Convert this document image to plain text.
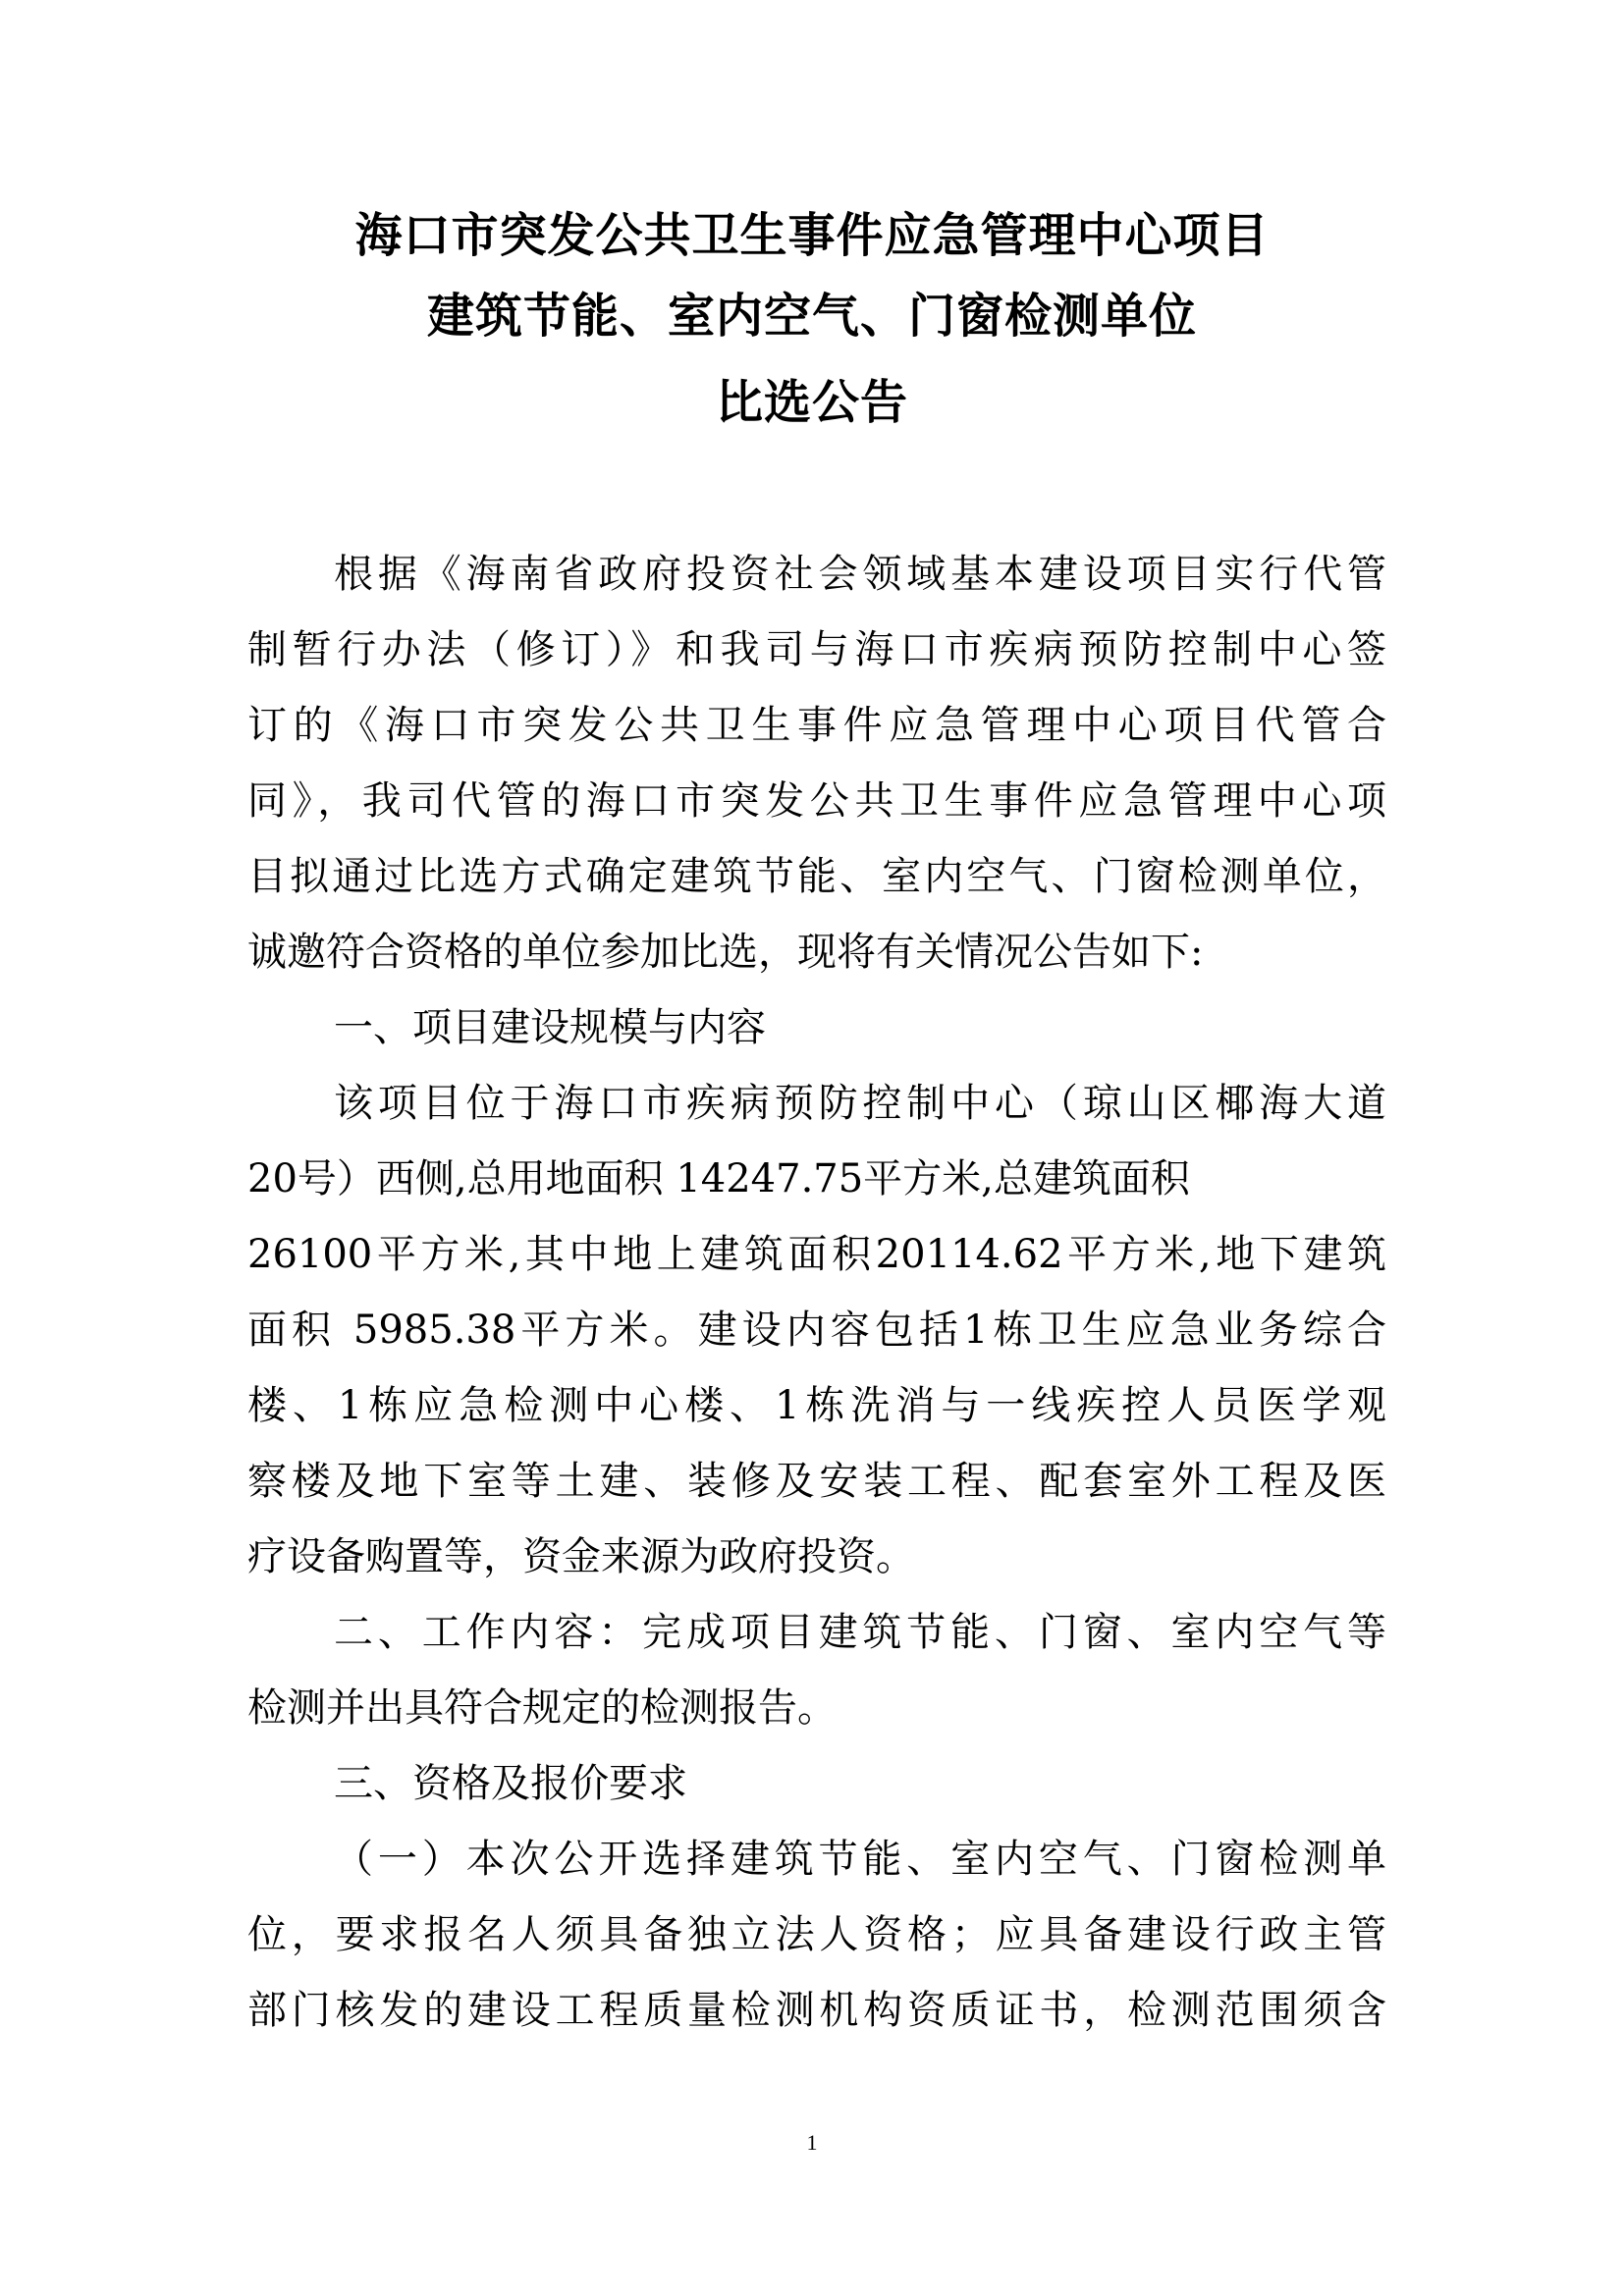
海口市突发公共卫生事件应急管理中心项目
建筑节能、室内空气、门窗检测单位
比选公告
根据《海南省政府投资社会领域基本建设项目实行代管
制暂行办法（修订）》和我司与海口市疾病预防控制中心签
订的《海口市突发公共卫生事件应急管理中心项目代管合
同》，我司代管的海口市突发公共卫生事件应急管理中心项
目拟通过比选方式确定建筑节能、室内空气、门窗检测单位，
诚邀符合资格的单位参加比选，现将有关情况公告如下:
一、项目建设规模与内容
该项目位于海口市疾病预防控制中心（琼山区椰海大道
20号）西侧,总用地面积 14247.75平方米,总建筑面积
26100平方米,其中地上建筑面积20114.62平方米,地下建筑
面积 5985.38平方米。建设内容包括1栋卫生应急业务综合
楼、1栋应急检测中心楼、1栋洗消与一线疾控人员医学观
察楼及地下室等土建、装修及安装工程、配套室外工程及医
疗设备购置等，资金来源为政府投资。
二、工作内容：完成项目建筑节能、门窗、室内空气等
检测并出具符合规定的检测报告。
三、资格及报价要求
（一）本次公开选择建筑节能、室内空气、门窗检测单
位，要求报名人须具备独立法人资格；应具备建设行政主管
部门核发的建设工程质量检测机构资质证书，检测范围须含
1
